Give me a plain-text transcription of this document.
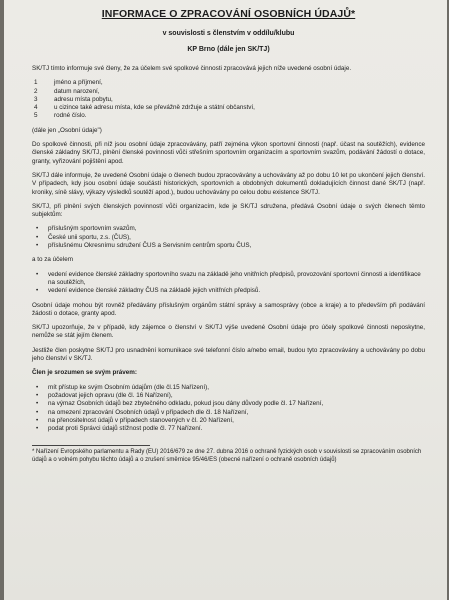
INFORMACE O ZPRACOVÁNÍ OSOBNÍCH ÚDAJŮ*
v souvislosti s členstvím v oddílu/klubu
KP Brno (dále jen SK/TJ)

SK/TJ tímto informuje své členy, že za účelem své spolkové činnosti zpracovává jejich níže uvedené osobní údaje.

1	jméno a příjmení,
2	datum narození,
3	adresu místa pobytu,
4	u cizince také adresu místa, kde se převážně zdržuje a státní občanství,
5	rodné číslo.

(dále jen „Osobní údaje")

Do spolkové činnosti, při níž jsou osobní údaje zpracovávány, patří zejména výkon sportovní činnosti (např. účast na soutěžích), evidence členské základny SK/TJ, plnění členské povinnosti vůči střešním sportovním organizacím a sportovním svazům, podávání žádostí o dotace, granty, vyřizování pojištění apod.

SK/TJ dále informuje, že uvedené Osobní údaje o členech budou zpracovávány a uchovávány až po dobu 10 let po ukončení jejich členství. V případech, kdy jsou osobní údaje součástí historických, sportovních a obdobných dokumentů dokladujících činnost dané SK/TJ (např. kroniky, síně slávy, výkazy výsledků soutěží apod.), budou uchovávány po celou dobu existence SK/TJ.

SK/TJ, při plnění svých členských povinností vůči organizacím, kde je SK/TJ sdružena, předává Osobní údaje o svých členech těmto subjektům:

•	příslušným sportovním svazům,
•	České unii sportu, z.s. (ČUS),
•	příslušnému Okresnímu sdružení ČUS a Servisním centrům sportu ČUS,

a to za účelem

•	vedení evidence členské základny sportovního svazu na základě jeho vnitřních předpisů, provozování sportovní činnosti a identifikace na soutěžích,
•	vedení evidence členské základny ČUS na základě jejich vnitřních předpisů.

Osobní údaje mohou být rovněž předávány příslušným orgánům státní správy a samosprávy (obce a kraje) a to především při podávání žádosti o dotace, granty apod.

SK/TJ upozorňuje, že v případě, kdy zájemce o členství v SK/TJ výše uvedené Osobní údaje pro účely spolkové činnosti neposkytne, nemůže se stát jejím členem.

Jestliže člen poskytne SK/TJ pro usnadnění komunikace své telefonní číslo a/nebo email, budou tyto zpracovávány a uchovávány po dobu jeho členství v SK/TJ.

Člen je srozumen se svým právem:

•	mít přístup ke svým Osobním údajům (dle čl.15 Nařízení),
•	požadovat jejich opravu (dle čl. 16 Nařízení),
•	na výmaz Osobních údajů bez zbytečného odkladu, pokud jsou dány důvody podle čl. 17 Nařízení,
•	na omezení zpracování Osobních údajů v případech dle čl. 18 Nařízení,
•	na přenositelnost údajů v případech stanovených v čl. 20 Nařízení,
•	podat proti Správci údajů stížnost podle čl. 77 Nařízení.
* Nařízení Evropského parlamentu a Rady (EU) 2016/679 ze dne 27. dubna 2016 o ochraně fyzických osob v souvislosti se zpracováním osobních údajů a o volném pohybu těchto údajů a o zrušení směrnice 95/46/ES (obecné nařízení o ochraně osobních údajů)
